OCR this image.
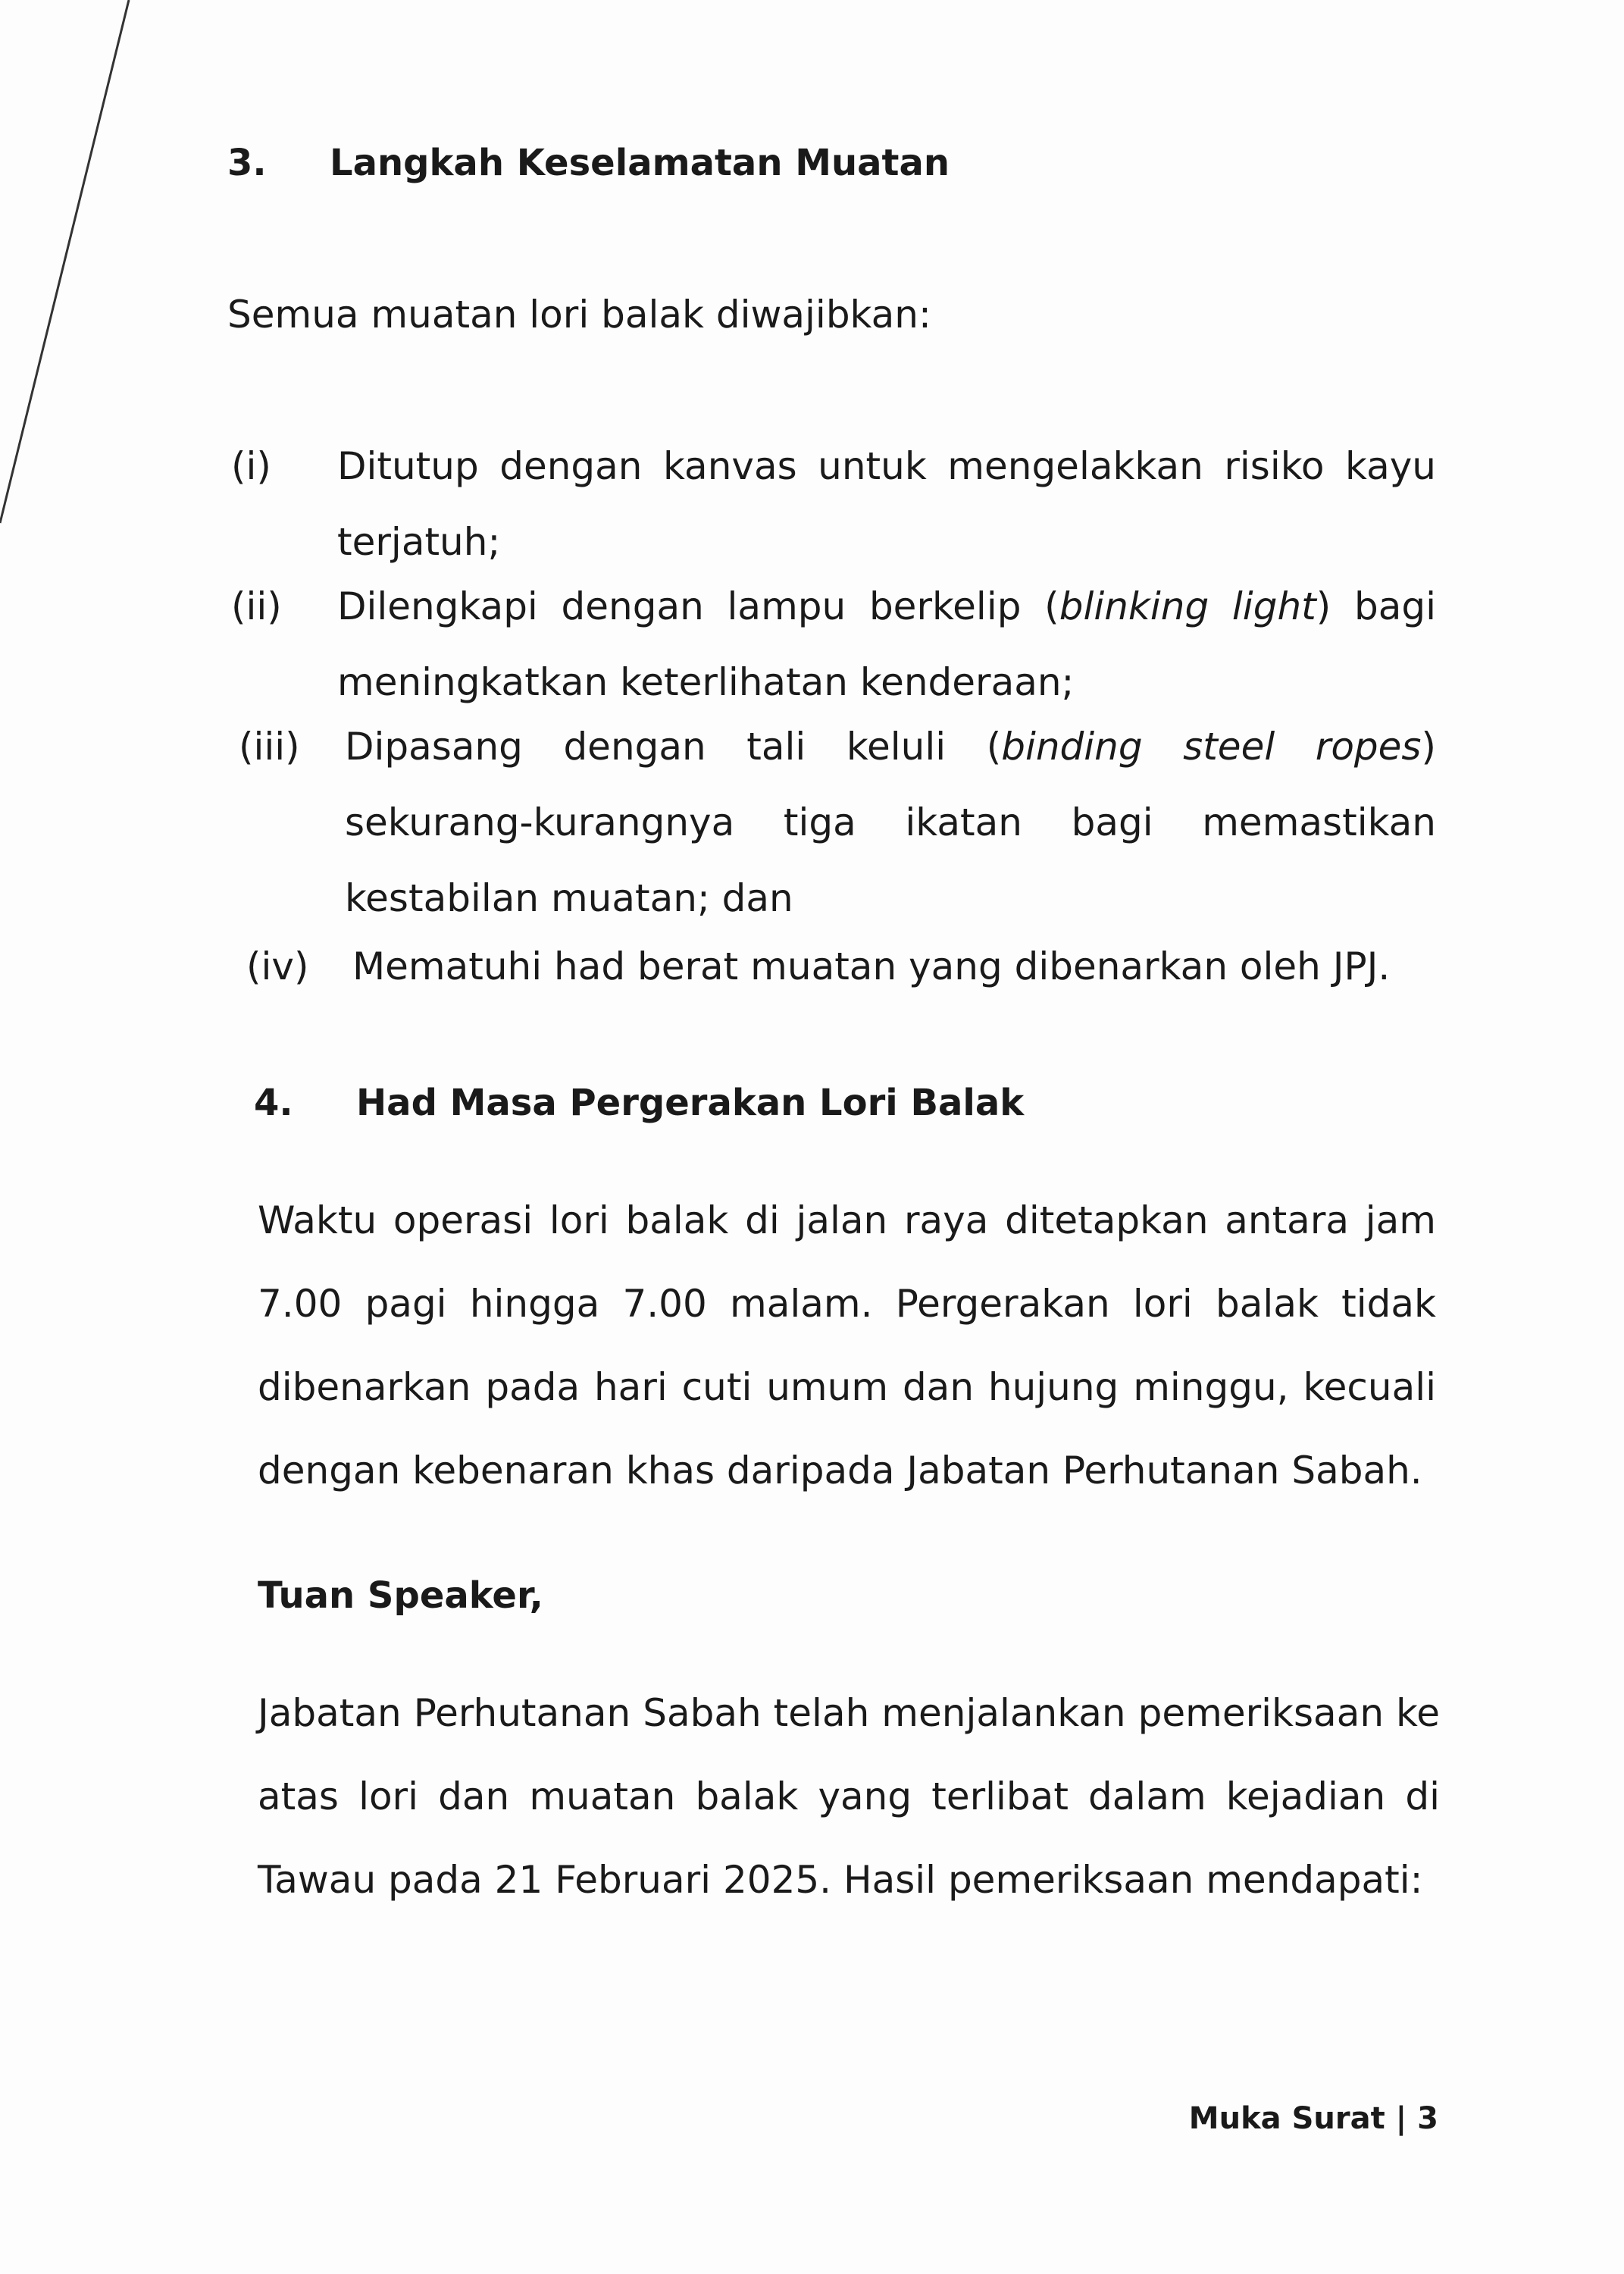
3. Langkah Keselamatan Muatan
Semua muatan lori balak diwajibkan:
(i)	Ditutup dengan kanvas untuk mengelakkan risiko kayu terjatuh;
(ii)	Dilengkapi dengan lampu berkelip (blinking light) bagi meningkatkan keterlihatan kenderaan;
(iii)	Dipasang dengan tali keluli (binding steel ropes) sekurang-kurangnya tiga ikatan bagi memastikan kestabilan muatan; dan
(iv)	Mematuhi had berat muatan yang dibenarkan oleh JPJ.
4. Had Masa Pergerakan Lori Balak
Waktu operasi lori balak di jalan raya ditetapkan antara jam 7.00 pagi hingga 7.00 malam. Pergerakan lori balak tidak dibenarkan pada hari cuti umum dan hujung minggu, kecuali dengan kebenaran khas daripada Jabatan Perhutanan Sabah.
Tuan Speaker,
Jabatan Perhutanan Sabah telah menjalankan pemeriksaan ke atas lori dan muatan balak yang terlibat dalam kejadian di Tawau pada 21 Februari 2025. Hasil pemeriksaan mendapati:
Muka Surat | 3
